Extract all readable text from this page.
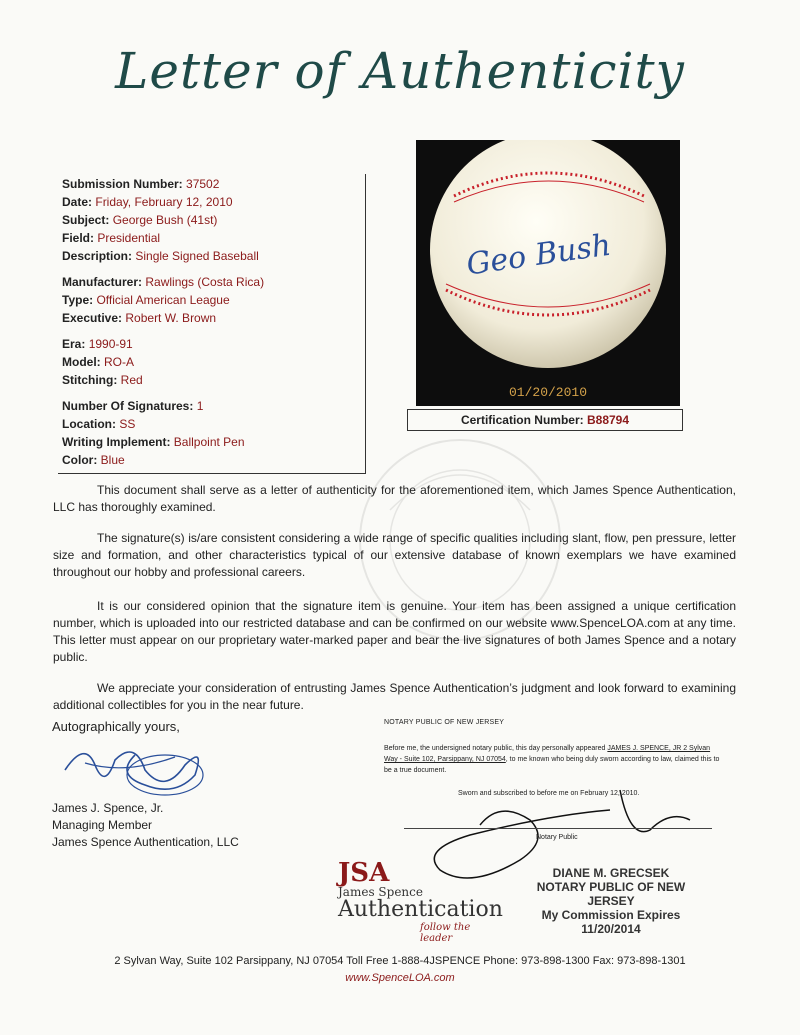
Letter of Authenticity
Submission Number: 37502
Date: Friday, February 12, 2010
Subject: George Bush (41st)
Field: Presidential
Description: Single Signed Baseball
Manufacturer: Rawlings (Costa Rica)
Type: Official American League
Executive: Robert W. Brown
Era: 1990-91
Model: RO-A
Stitching: Red
Number Of Signatures: 1
Location: SS
Writing Implement: Ballpoint Pen
Color: Blue
Geo Bush
01/20/2010
Certification Number: B88794
This document shall serve as a letter of authenticity for the aforementioned item, which James Spence Authentication, LLC has thoroughly examined.
The signature(s) is/are consistent considering a wide range of specific qualities including slant, flow, pen pressure, letter size and formation, and other characteristics typical of our extensive database of known exemplars we have examined throughout our hobby and professional careers.
It is our considered opinion that the signature item is genuine. Your item has been assigned a unique certification number, which is uploaded into our restricted database and can be confirmed on our website www.SpenceLOA.com at any time. This letter must appear on our proprietary water-marked paper and bear the live signatures of both James Spence and a notary public.
We appreciate your consideration of entrusting James Spence Authentication’s judgment and look forward to examining additional collectibles for you in the near future.
Autographically yours,
James J. Spence, Jr.
Managing Member
James Spence Authentication, LLC
NOTARY PUBLIC OF NEW JERSEY
Before me, the undersigned notary public, this day personally appeared JAMES J. SPENCE, JR 2 Sylvan Way - Suite 102, Parsippany, NJ 07054, to me known who being duly sworn according to law, claimed this to be a true document.
Sworn and subscribed to before me on February 12, 2010.
Notary Public
DIANE M. GRECSEK
NOTARY PUBLIC OF NEW JERSEY
My Commission Expires 11/20/2014
JSA
James Spence
Authentication
follow the leader
2 Sylvan Way, Suite 102 Parsippany, NJ 07054 Toll Free 1-888-4JSPENCE Phone: 973-898-1300 Fax: 973-898-1301
www.SpenceLOA.com
